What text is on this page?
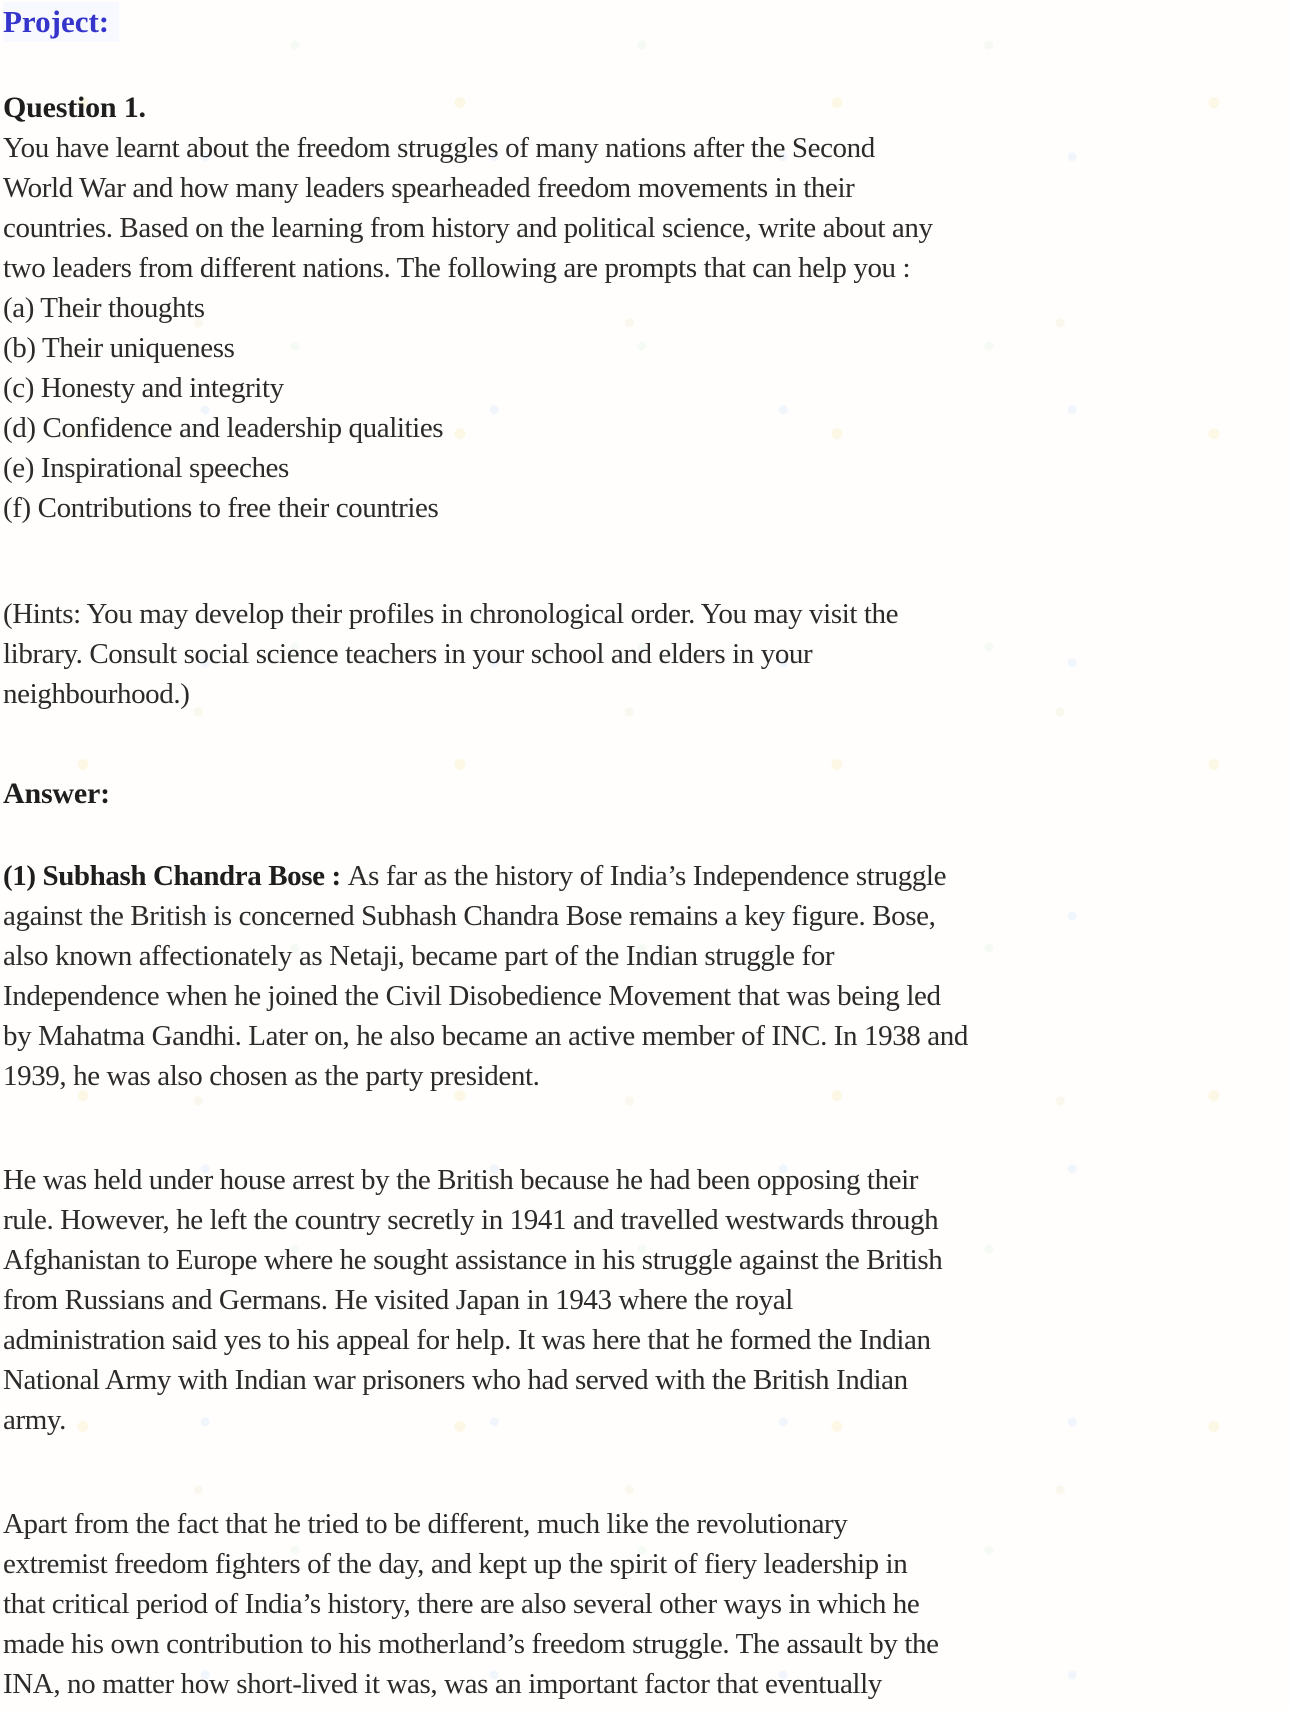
Project:
Question 1.
You have learnt about the freedom struggles of many nations after the Second
World War and how many leaders spearheaded freedom movements in their
countries. Based on the learning from history and political science, write about any
two leaders from different nations. The following are prompts that can help you :
(a) Their thoughts
(b) Their uniqueness
(c) Honesty and integrity
(d) Confidence and leadership qualities
(e) Inspirational speeches
(f) Contributions to free their countries
(Hints: You may develop their profiles in chronological order. You may visit the
library. Consult social science teachers in your school and elders in your
neighbourhood.)
Answer:
(1) Subhash Chandra Bose : As far as the history of India’s Independence struggle
against the British is concerned Subhash Chandra Bose remains a key figure. Bose,
also known affectionately as Netaji, became part of the Indian struggle for
Independence when he joined the Civil Disobedience Movement that was being led
by Mahatma Gandhi. Later on, he also became an active member of INC. In 1938 and
1939, he was also chosen as the party president.
He was held under house arrest by the British because he had been opposing their
rule. However, he left the country secretly in 1941 and travelled westwards through
Afghanistan to Europe where he sought assistance in his struggle against the British
from Russians and Germans. He visited Japan in 1943 where the royal
administration said yes to his appeal for help. It was here that he formed the Indian
National Army with Indian war prisoners who had served with the British Indian
army.
Apart from the fact that he tried to be different, much like the revolutionary
extremist freedom fighters of the day, and kept up the spirit of fiery leadership in
that critical period of India’s history, there are also several other ways in which he
made his own contribution to his motherland’s freedom struggle. The assault by the
INA, no matter how short-lived it was, was an important factor that eventually
